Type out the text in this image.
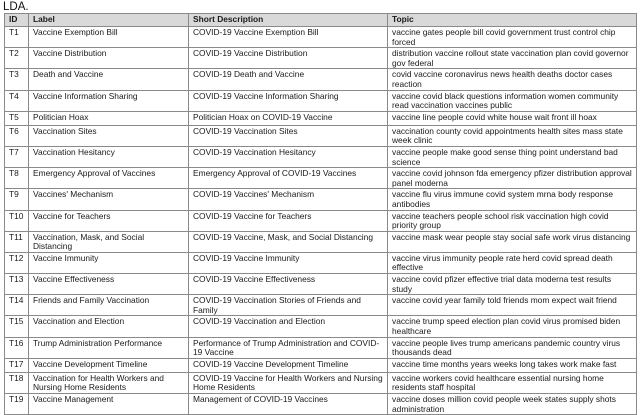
LDA.
ID	Label	Short Description	Topic
T1	Vaccine Exemption Bill	COVID-19 Vaccine Exemption Bill	vaccine gates people bill covid government trust control chip forced
T2	Vaccine Distribution	COVID-19 Vaccine Distribution	distribution vaccine rollout state vaccination plan covid governor gov federal
T3	Death and Vaccine	COVID-19 Death and Vaccine	covid vaccine coronavirus news health deaths doctor cases reaction
T4	Vaccine Information Sharing	COVID-19 Vaccine Information Sharing	vaccine covid black questions information women community read vaccination vaccines public
T5	Politician Hoax	Politician Hoax on COVID-19 Vaccine	vaccine line people covid white house wait front ill hoax
T6	Vaccination Sites	COVID-19 Vaccination Sites	vaccination county covid appointments health sites mass state week clinic
T7	Vaccination Hesitancy	COVID-19 Vaccination Hesitancy	vaccine people make good sense thing point understand bad science
T8	Emergency Approval of Vaccines	Emergency Approval of COVID-19 Vaccines	vaccine covid johnson fda emergency pfizer distribution approval panel moderna
T9	Vaccines' Mechanism	COVID-19 Vaccines' Mechanism	vaccine flu virus immune covid system mrna body response antibodies
T10	Vaccine for Teachers	COVID-19 Vaccine for Teachers	vaccine teachers people school risk vaccination high covid priority group
T11	Vaccination, Mask, and Social Distancing	COVID-19 Vaccine, Mask, and Social Distancing	vaccine mask wear people stay social safe work virus distancing
T12	Vaccine Immunity	COVID-19 Vaccine Immunity	vaccine virus immunity people rate herd covid spread death effective
T13	Vaccine Effectiveness	COVID-19 Vaccine Effectiveness	vaccine covid pfizer effective trial data moderna test results study
T14	Friends and Family Vaccination	COVID-19 Vaccination Stories of Friends and Family	vaccine covid year family told friends mom expect wait friend
T15	Vaccination and Election	COVID-19 Vaccination and Election	vaccine trump speed election plan covid virus promised biden healthcare
T16	Trump Administration Performance	Performance of Trump Administration and COVID-19 Vaccine	vaccine people lives trump americans pandemic country virus thousands dead
T17	Vaccine Development Timeline	COVID-19 Vaccine Development Timeline	vaccine time months years weeks long takes work make fast
T18	Vaccination for Health Workers and Nursing Home Residents	COVID-19 Vaccine for Health Workers and Nursing Home Residents	vaccine workers covid healthcare essential nursing home residents staff hospital
T19	Vaccine Management	Management of COVID-19 Vaccines	vaccine doses million covid people week states supply shots administration
